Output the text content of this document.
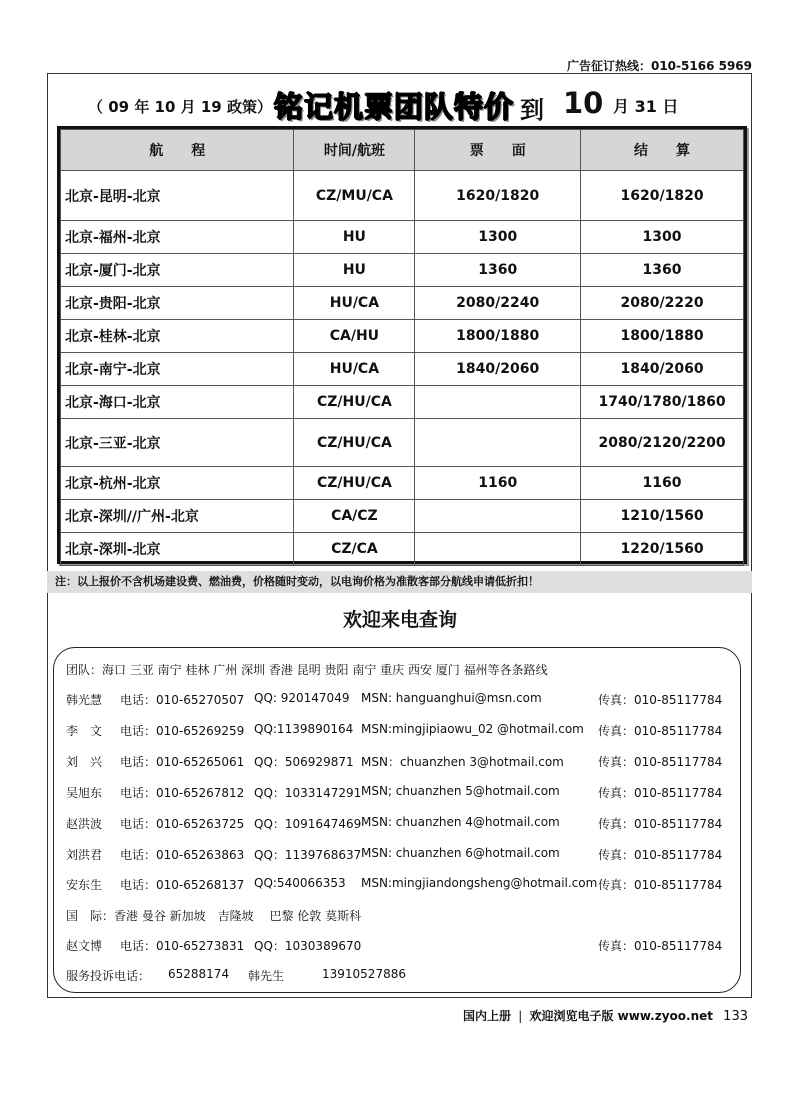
广告征订热线：010-5166 5969
（ 09 年 10 月 19 政策） 铭记机票团队特价 到 10 月 31 日
航　　程	时间/航班	票　　面	结　　算
北京-昆明-北京	CZ/MU/CA	1620/1820	1620/1820
北京-福州-北京	HU	1300	1300
北京-厦门-北京	HU	1360	1360
北京-贵阳-北京	HU/CA	2080/2240	2080/2220
北京-桂林-北京	CA/HU	1800/1880	1800/1880
北京-南宁-北京	HU/CA	1840/2060	1840/2060
北京-海口-北京	CZ/HU/CA		1740/1780/1860
北京-三亚-北京	CZ/HU/CA		2080/2120/2200
北京-杭州-北京	CZ/HU/CA	1160	1160
北京-深圳//广州-北京	CA/CZ		1210/1560
北京-深圳-北京	CZ/CA		1220/1560
注：以上报价不含机场建设费、燃油费，价格随时变动，以电询价格为准散客部分航线申请低折扣！
欢迎来电查询
团队：海口 三亚 南宁 桂林 广州 深圳 香港 昆明 贵阳 南宁 重庆 西安 厦门 福州等各条路线
韩光慧 电话：010-65270507 QQ: 920147049 MSN: hanguanghui@msn.com	传真：010-85117784
李　文 电话：010-65269259 QQ:1139890164 MSN:mingjipiaowu_02 @hotmail.com 传真：010-85117784
刘　兴 电话：010-65265061 QQ：506929871 MSN：chuanzhen 3@hotmail.com	传真：010-85117784
吴旭东 电话：010-65267812 QQ：1033147291 MSN; chuanzhen 5@hotmail.com	传真：010-85117784
赵洪波 电话：010-65263725 QQ：1091647469 MSN: chuanzhen 4@hotmail.com	传真：010-85117784
刘洪君 电话：010-65263863 QQ：1139768637 MSN: chuanzhen 6@hotmail.com	传真：010-85117784
安东生 电话：010-65268137 QQ:540066353 MSN:mingjiandongsheng@hotmail.com 传真：010-85117784
国　际：香港 曼谷 新加坡　吉隆坡　 巴黎 伦敦 莫斯科
赵文博 电话：010-65273831 QQ：1030389670	传真：010-85117784
服务投诉电话： 65288174 韩先生	13910527886
国内上册 | 欢迎浏览电子版 www.zyoo.net 133
